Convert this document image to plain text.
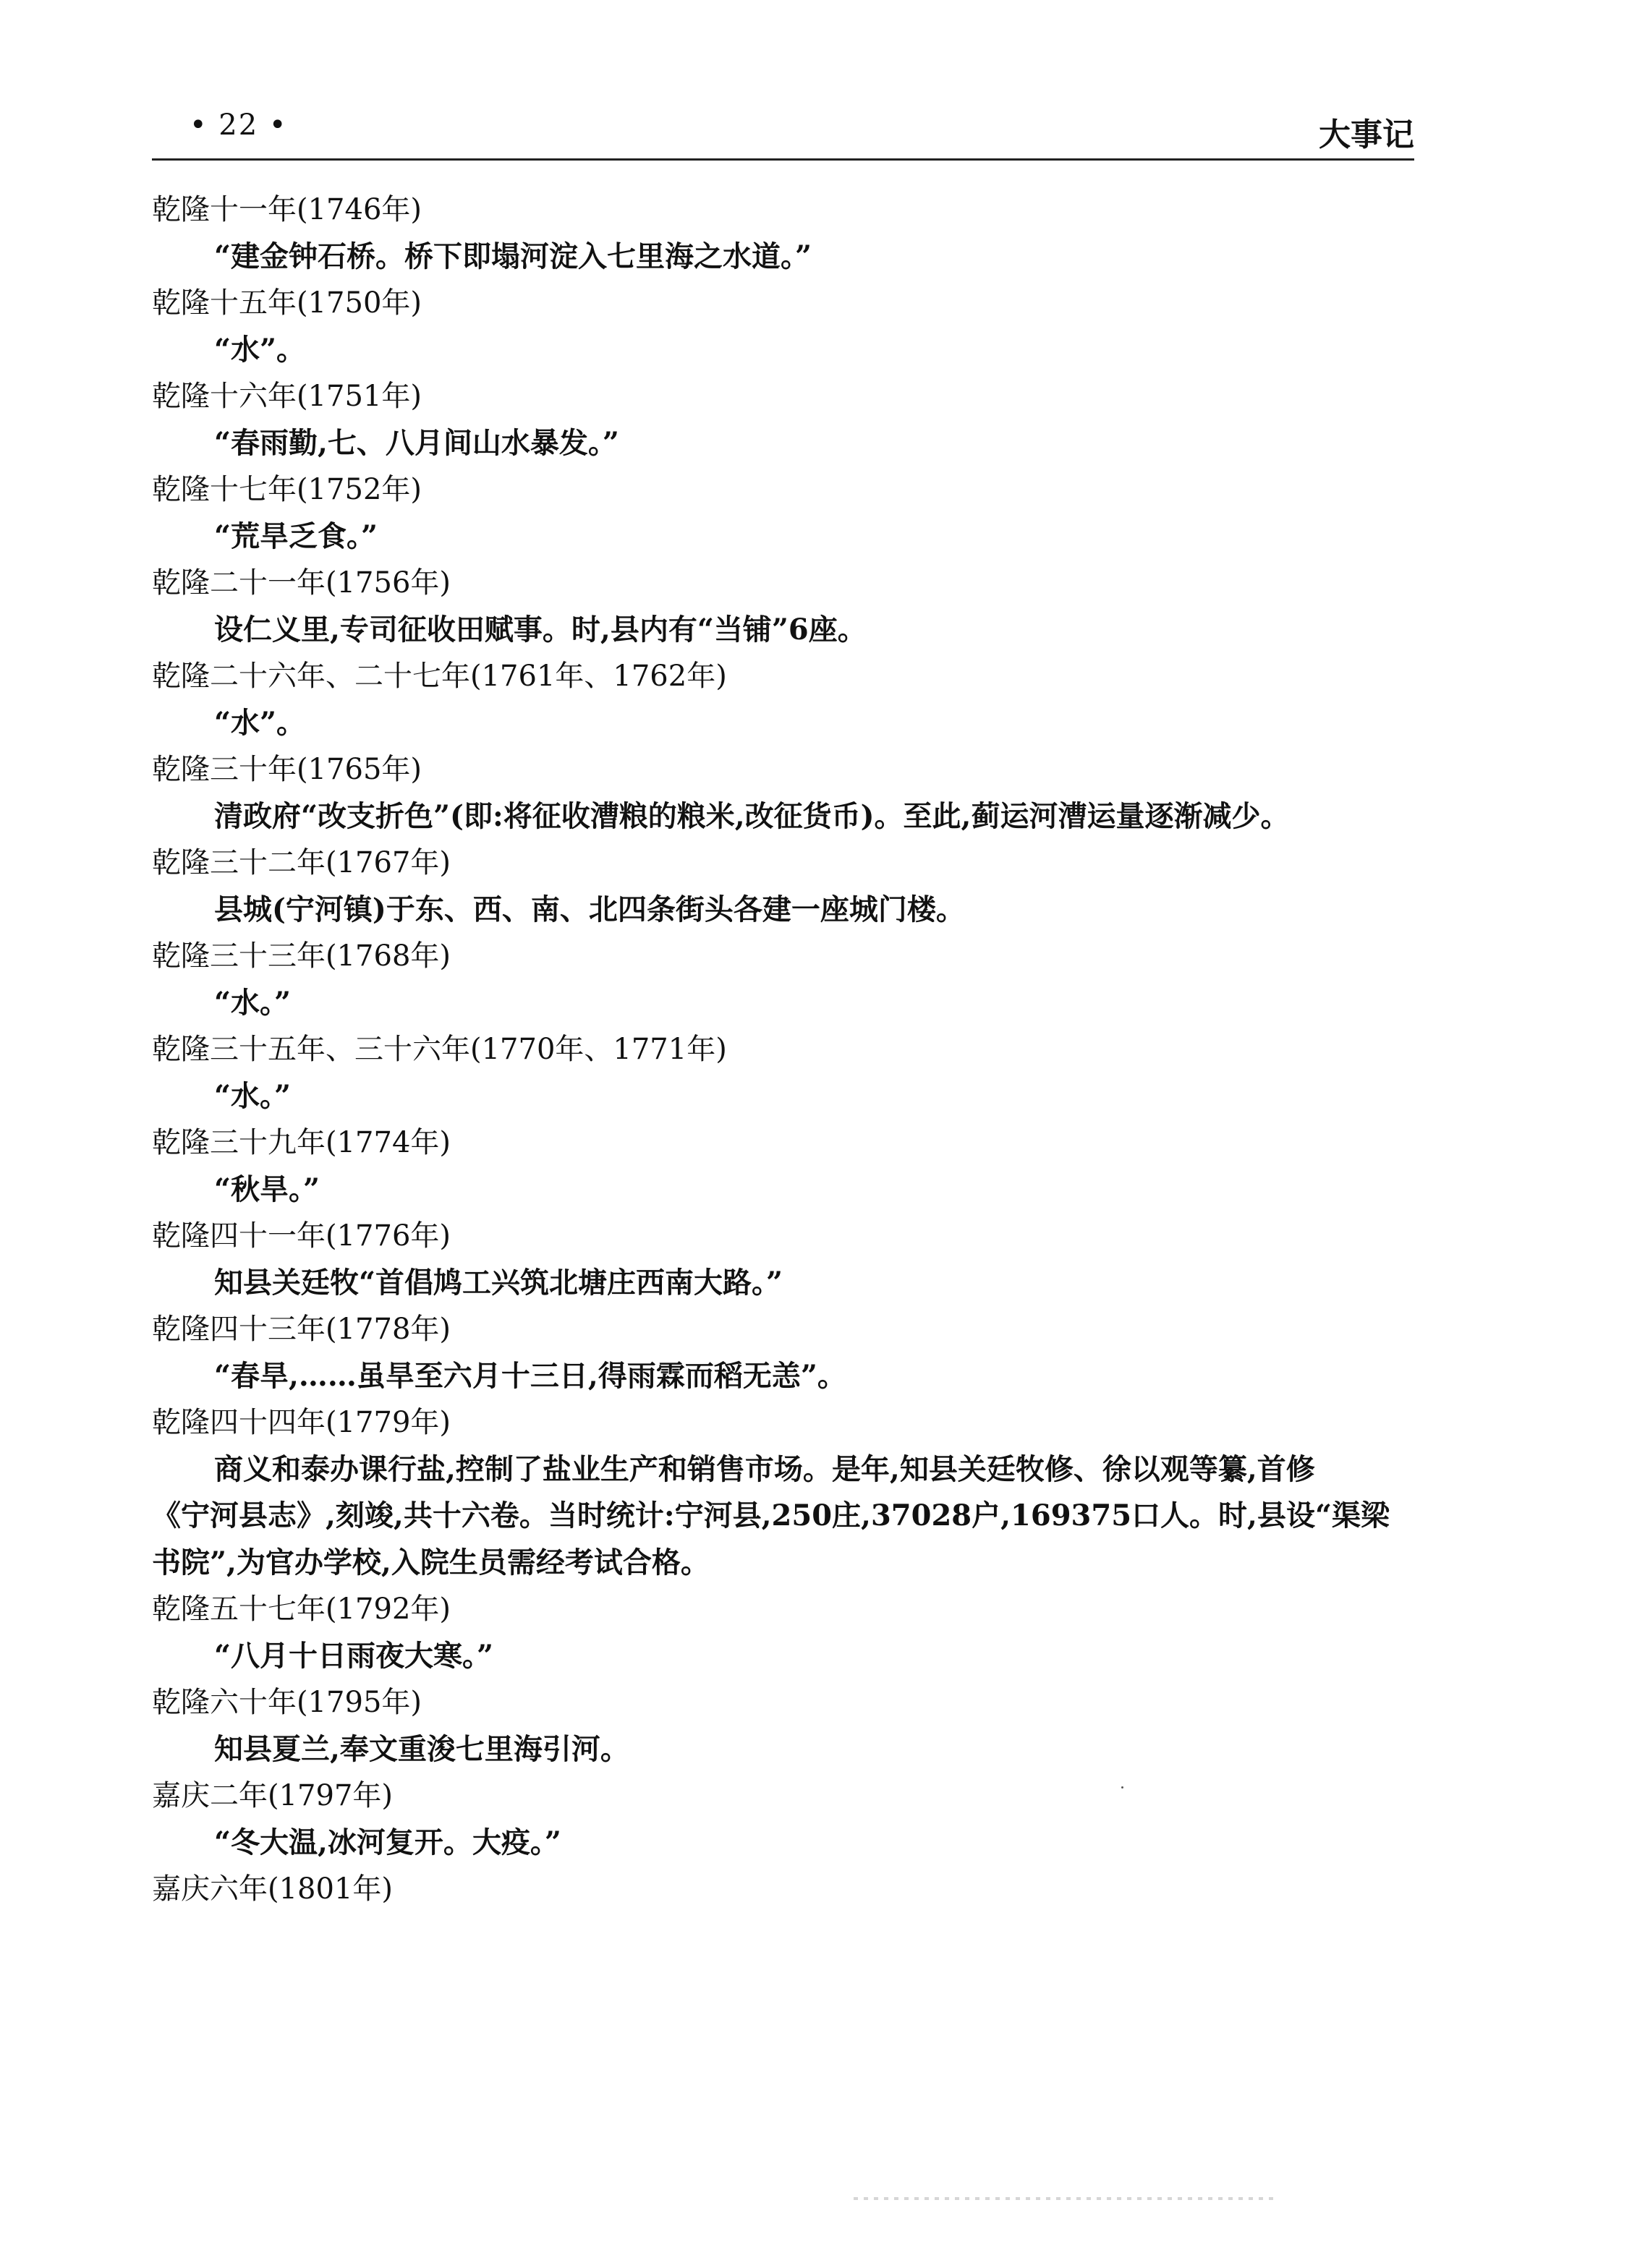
• 22 •	大事记
乾隆十一年(1746年)
“建金钟石桥。桥下即塌河淀入七里海之水道。”
乾隆十五年(1750年)
“水”。
乾隆十六年(1751年)
“春雨勤,七、八月间山水暴发。”
乾隆十七年(1752年)
“荒旱乏食。”
乾隆二十一年(1756年)
设仁义里,专司征收田赋事。时,县内有“当铺”6座。
乾隆二十六年、二十七年(1761年、1762年)
“水”。
乾隆三十年(1765年)
清政府“改支折色”(即:将征收漕粮的粮米,改征货币)。至此,蓟运河漕运量逐渐减少。
乾隆三十二年(1767年)
县城(宁河镇)于东、西、南、北四条街头各建一座城门楼。
乾隆三十三年(1768年)
“水。”
乾隆三十五年、三十六年(1770年、1771年)
“水。”
乾隆三十九年(1774年)
“秋旱。”
乾隆四十一年(1776年)
知县关廷牧“首倡鸠工兴筑北塘庄西南大路。”
乾隆四十三年(1778年)
“春旱,……虽旱至六月十三日,得雨霖而稻无恙”。
乾隆四十四年(1779年)
商义和泰办课行盐,控制了盐业生产和销售市场。是年,知县关廷牧修、徐以观等纂,首修
《宁河县志》,刻竣,共十六卷。当时统计:宁河县,250庄,37028户,169375口人。时,县设“渠梁
书院”,为官办学校,入院生员需经考试合格。
乾隆五十七年(1792年)
“八月十日雨夜大寒。”
乾隆六十年(1795年)
知县夏兰,奉文重浚七里海引河。
嘉庆二年(1797年)
“冬大温,冰河复开。大疫。”
嘉庆六年(1801年)
